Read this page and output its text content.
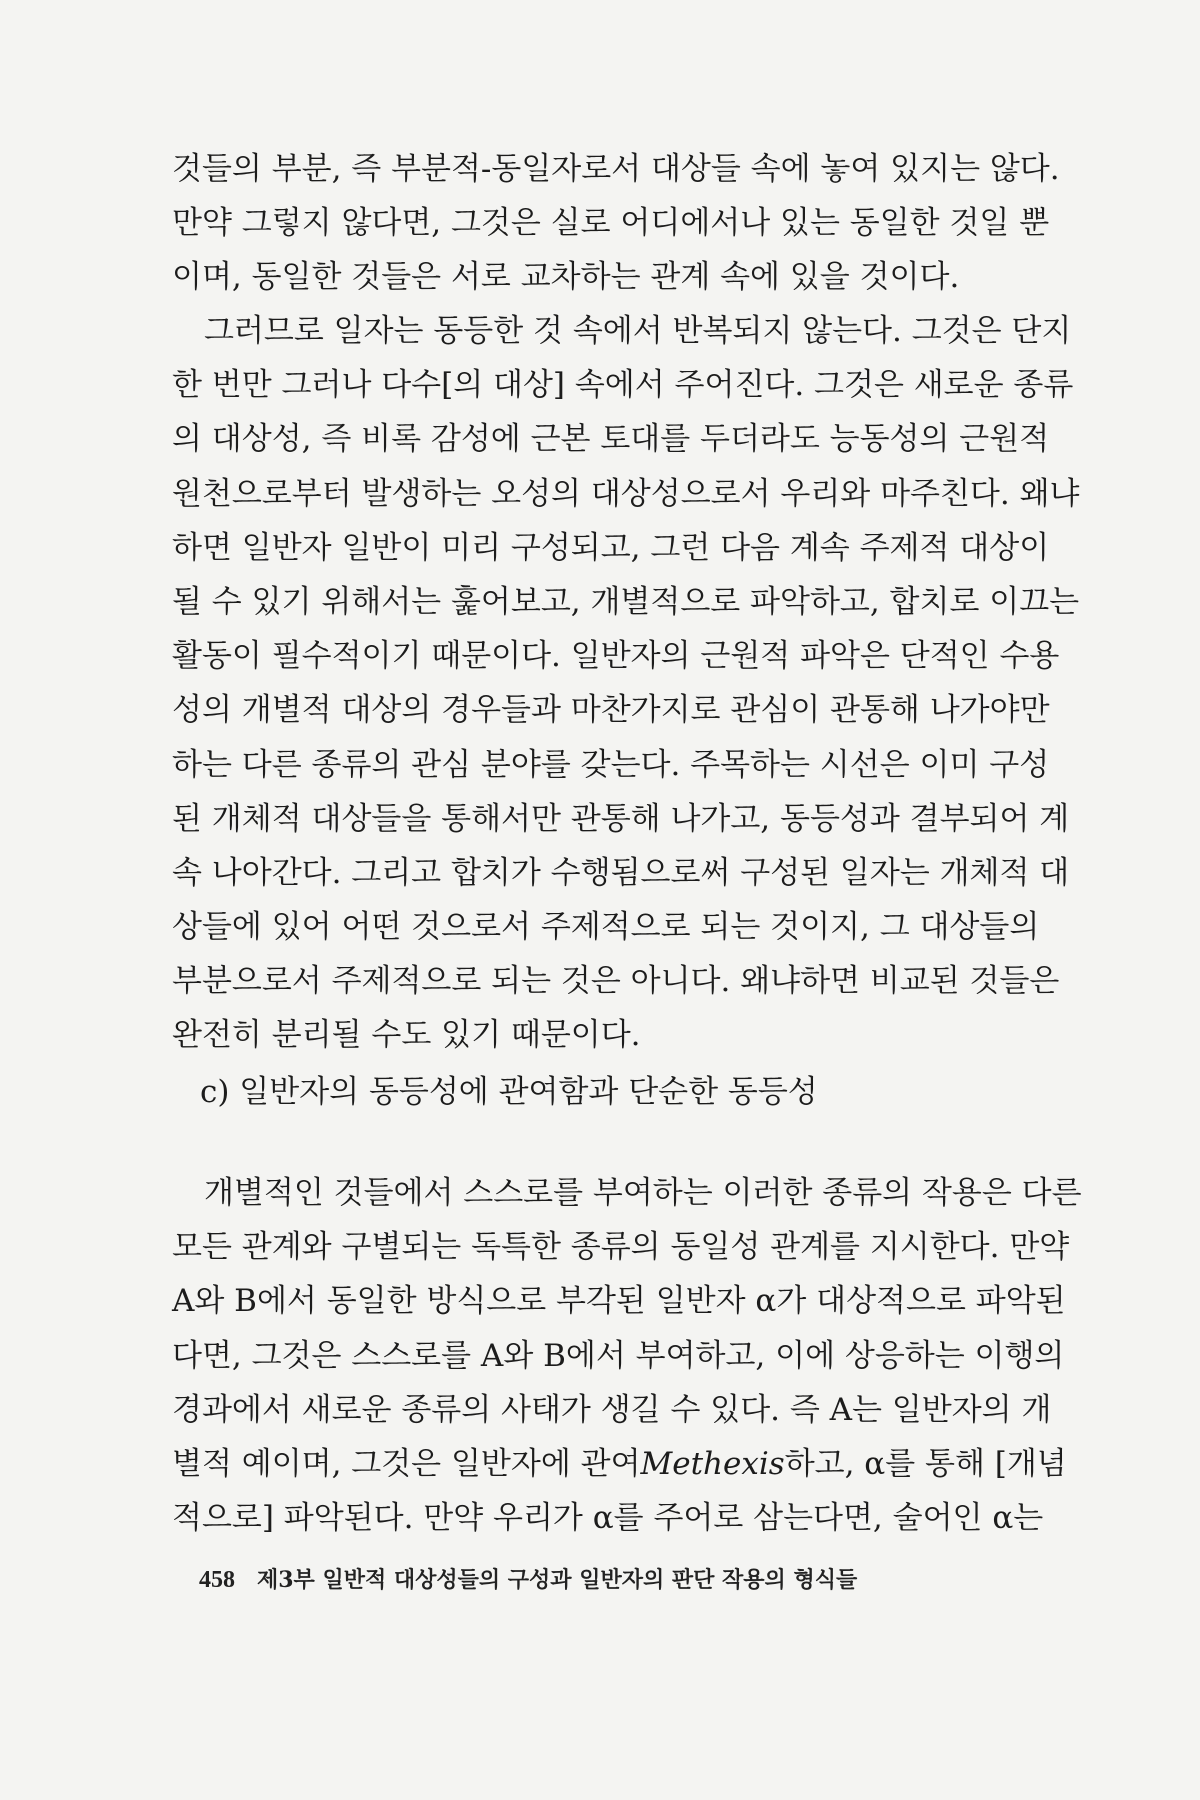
것들의 부분, 즉 부분적-동일자로서 대상들 속에 놓여 있지는 않다.
만약 그렇지 않다면, 그것은 실로 어디에서나 있는 동일한 것일 뿐
이며, 동일한 것들은 서로 교차하는 관계 속에 있을 것이다.
그러므로 일자는 동등한 것 속에서 반복되지 않는다. 그것은 단지
한 번만 그러나 다수[의 대상] 속에서 주어진다. 그것은 새로운 종류
의 대상성, 즉 비록 감성에 근본 토대를 두더라도 능동성의 근원적
원천으로부터 발생하는 오성의 대상성으로서 우리와 마주친다. 왜냐
하면 일반자 일반이 미리 구성되고, 그런 다음 계속 주제적 대상이
될 수 있기 위해서는 훑어보고, 개별적으로 파악하고, 합치로 이끄는
활동이 필수적이기 때문이다. 일반자의 근원적 파악은 단적인 수용
성의 개별적 대상의 경우들과 마찬가지로 관심이 관통해 나가야만
하는 다른 종류의 관심 분야를 갖는다. 주목하는 시선은 이미 구성
된 개체적 대상들을 통해서만 관통해 나가고, 동등성과 결부되어 계
속 나아간다. 그리고 합치가 수행됨으로써 구성된 일자는 개체적 대
상들에 있어 어떤 것으로서 주제적으로 되는 것이지, 그 대상들의
부분으로서 주제적으로 되는 것은 아니다. 왜냐하면 비교된 것들은
완전히 분리될 수도 있기 때문이다.
c) 일반자의 동등성에 관여함과 단순한 동등성
개별적인 것들에서 스스로를 부여하는 이러한 종류의 작용은 다른
모든 관계와 구별되는 독특한 종류의 동일성 관계를 지시한다. 만약
A와 B에서 동일한 방식으로 부각된 일반자 α가 대상적으로 파악된
다면, 그것은 스스로를 A와 B에서 부여하고, 이에 상응하는 이행의
경과에서 새로운 종류의 사태가 생길 수 있다. 즉 A는 일반자의 개
별적 예이며, 그것은 일반자에 관여Methexis하고, α를 통해 [개념
적으로] 파악된다. 만약 우리가 α를 주어로 삼는다면, 술어인 α는
458 제3부 일반적 대상성들의 구성과 일반자의 판단 작용의 형식들
